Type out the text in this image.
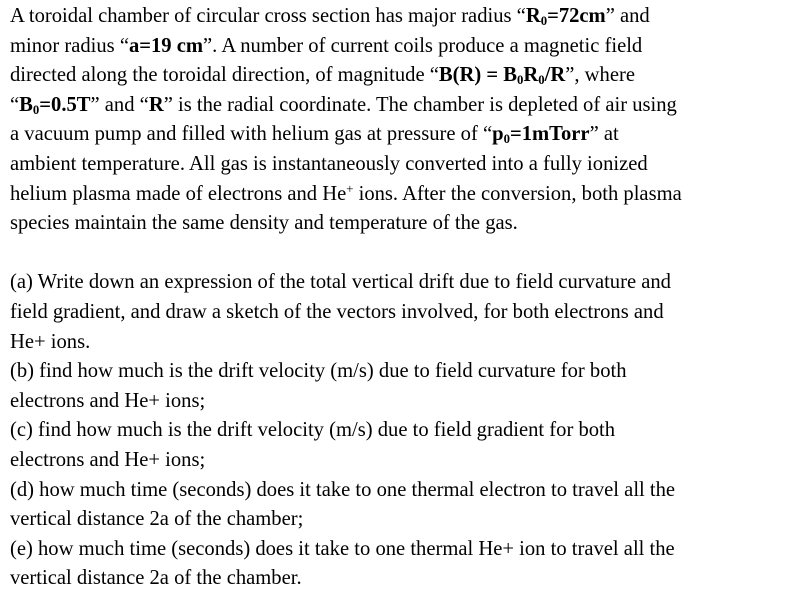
A toroidal chamber of circular cross section has major radius “$R_0=72cm$” and
minor radius “a=19 cm”. A number of current coils produce a magnetic field
directed along the toroidal direction, of magnitude “$B(R) = B_0R_0/R$”, where
“$B_0=0.5T$” and “R” is the radial coordinate. The chamber is depleted of air using
a vacuum pump and filled with helium gas at pressure of “$p_0=1mTorr$” at
ambient temperature. All gas is instantaneously converted into a fully ionized
helium plasma made of electrons and He+ ions. After the conversion, both plasma
species maintain the same density and temperature of the gas.
(a) Write down an expression of the total vertical drift due to field curvature and
field gradient, and draw a sketch of the vectors involved, for both electrons and
He+ ions.
(b) find how much is the drift velocity (m/s) due to field curvature for both
electrons and He+ ions;
(c) find how much is the drift velocity (m/s) due to field gradient for both
electrons and He+ ions;
(d) how much time (seconds) does it take to one thermal electron to travel all the
vertical distance 2a of the chamber;
(e) how much time (seconds) does it take to one thermal He+ ion to travel all the
vertical distance 2a of the chamber.
